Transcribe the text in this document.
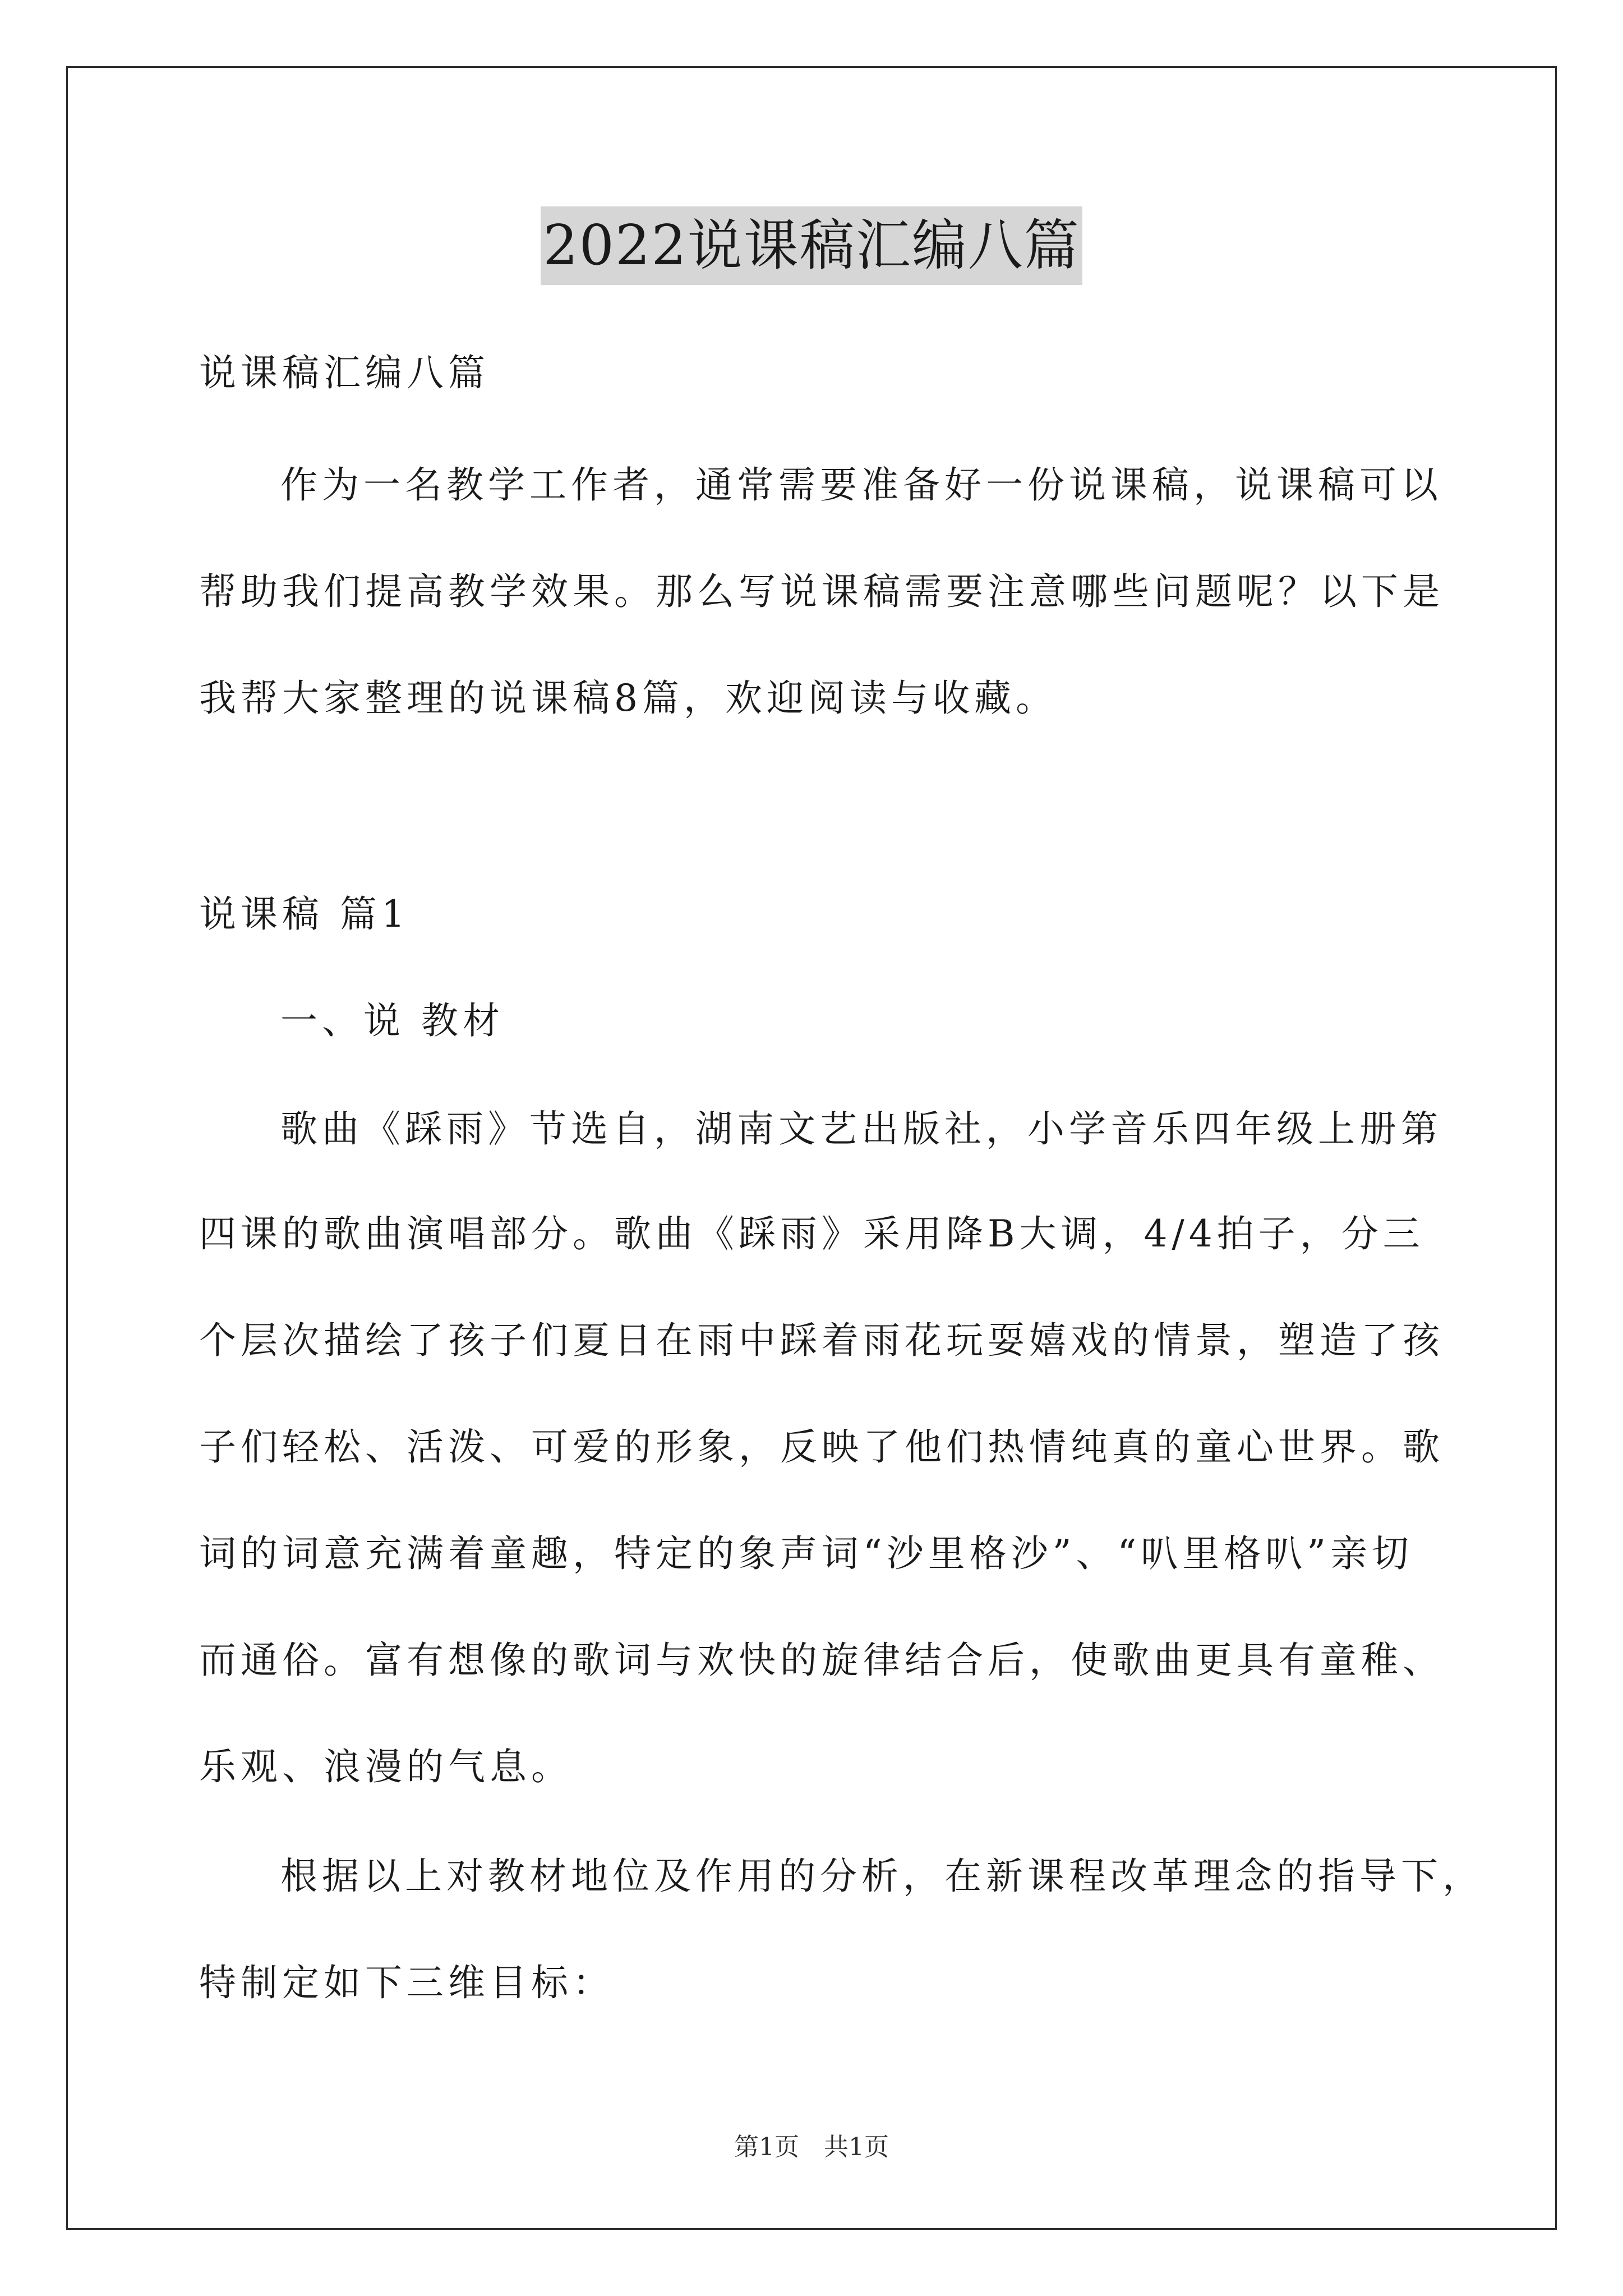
2022说课稿汇编八篇
说课稿汇编八篇
作为一名教学工作者，通常需要准备好一份说课稿，说课稿可以
帮助我们提高教学效果。那么写说课稿需要注意哪些问题呢？以下是
我帮大家整理的说课稿8篇，欢迎阅读与收藏。
说课稿 篇1
一、说 教材
歌曲《踩雨》节选自，湖南文艺出版社，小学音乐四年级上册第
四课的歌曲演唱部分。歌曲《踩雨》采用降B大调，4/4拍子，分三
个层次描绘了孩子们夏日在雨中踩着雨花玩耍嬉戏的情景，塑造了孩
子们轻松、活泼、可爱的形象，反映了他们热情纯真的童心世界。歌
词的词意充满着童趣，特定的象声词“沙里格沙”、“叭里格叭”亲切
而通俗。富有想像的歌词与欢快的旋律结合后，使歌曲更具有童稚、
乐观、浪漫的气息。
根据以上对教材地位及作用的分析，在新课程改革理念的指导下，
特制定如下三维目标：
第1页　共1页
